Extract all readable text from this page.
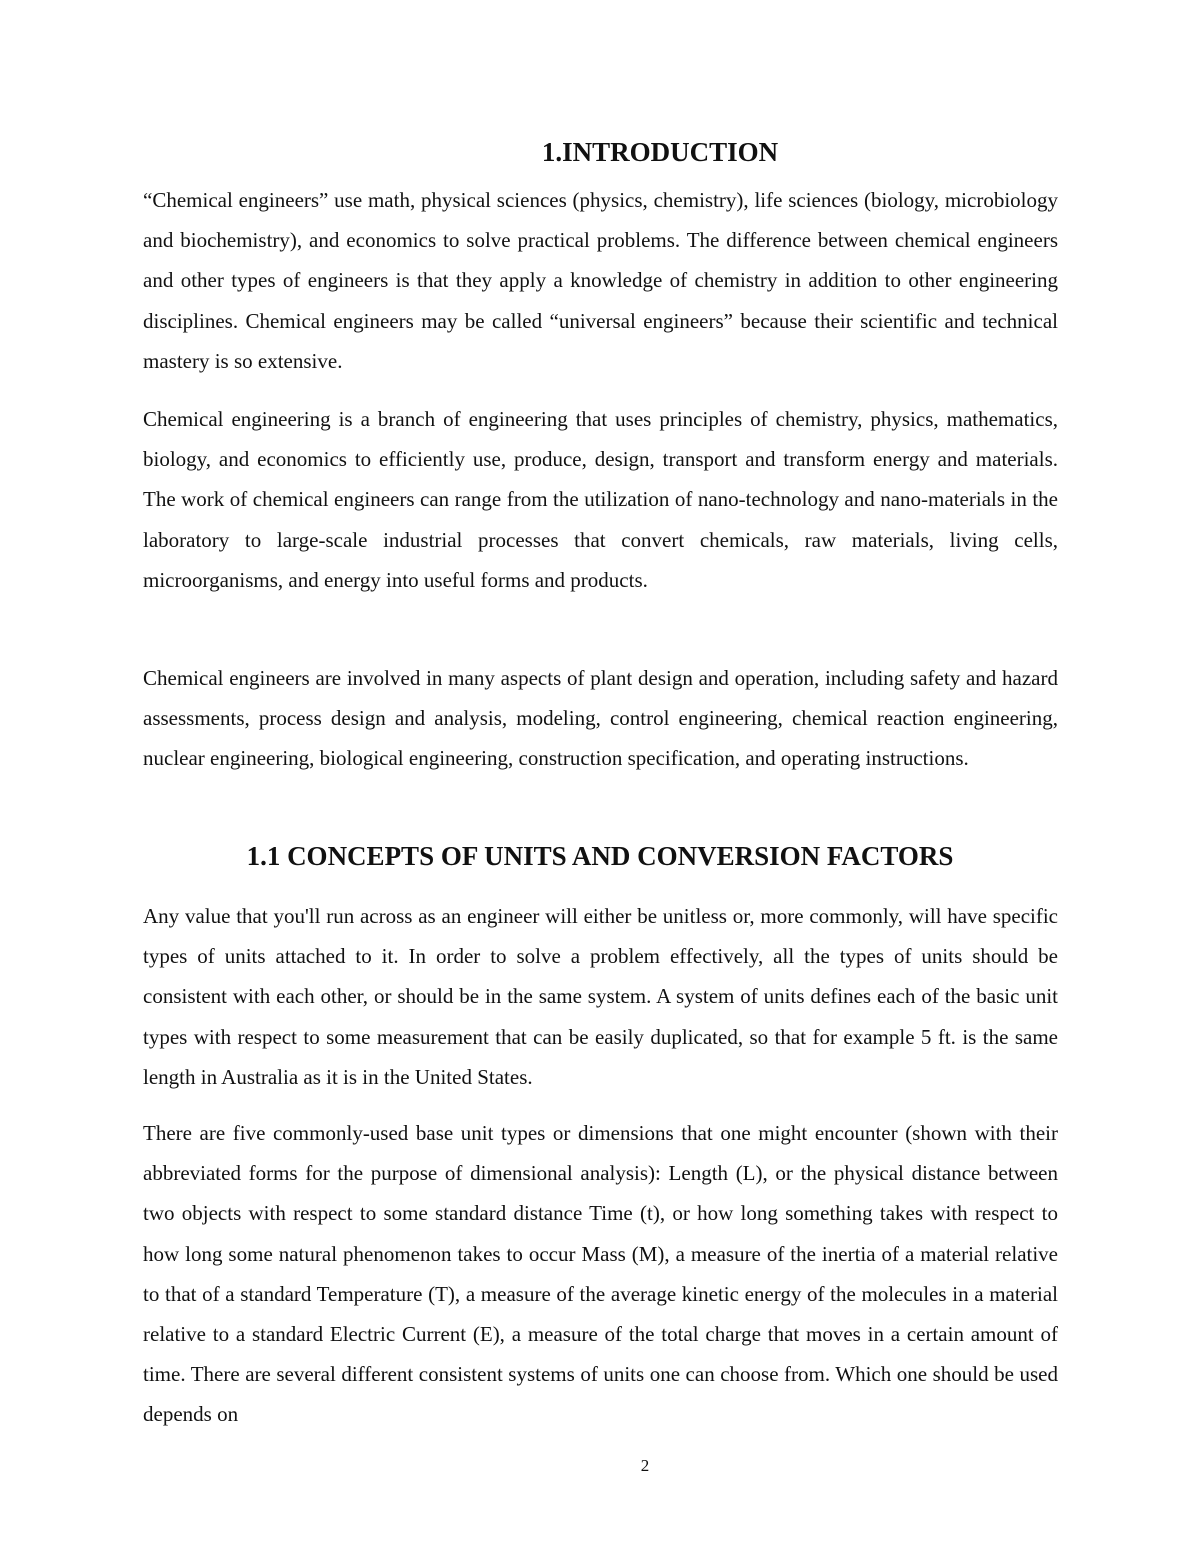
1.INTRODUCTION

“Chemical engineers” use math, physical sciences (physics, chemistry), life sciences (biology, microbiology and biochemistry), and economics to solve practical problems. The difference between chemical engineers and other types of engineers is that they apply a knowledge of chemistry in addition to other engineering disciplines. Chemical engineers may be called “universal engineers” because their scientific and technical mastery is so extensive.

Chemical engineering is a branch of engineering that uses principles of chemistry, physics, mathematics, biology, and economics to efficiently use, produce, design, transport and transform energy and materials. The work of chemical engineers can range from the utilization of nano-technology and nano-materials in the laboratory to large-scale industrial processes that convert chemicals, raw materials, living cells, microorganisms, and energy into useful forms and products.

Chemical engineers are involved in many aspects of plant design and operation, including safety and hazard assessments, process design and analysis, modeling, control engineering, chemical reaction engineering, nuclear engineering, biological engineering, construction specification, and operating instructions.

1.1 CONCEPTS OF UNITS AND CONVERSION FACTORS

Any value that you'll run across as an engineer will either be unitless or, more commonly, will have specific types of units attached to it. In order to solve a problem effectively, all the types of units should be consistent with each other, or should be in the same system. A system of units defines each of the basic unit types with respect to some measurement that can be easily duplicated, so that for example 5 ft. is the same length in Australia as it is in the United States.

There are five commonly-used base unit types or dimensions that one might encounter (shown with their abbreviated forms for the purpose of dimensional analysis): Length (L), or the physical distance between two objects with respect to some standard distance Time (t), or how long something takes with respect to how long some natural phenomenon takes to occur Mass (M), a measure of the inertia of a material relative to that of a standard Temperature (T), a measure of the average kinetic energy of the molecules in a material relative to a standard Electric Current (E), a measure of the total charge that moves in a certain amount of time. There are several different consistent systems of units one can choose from. Which one should be used depends on

2
